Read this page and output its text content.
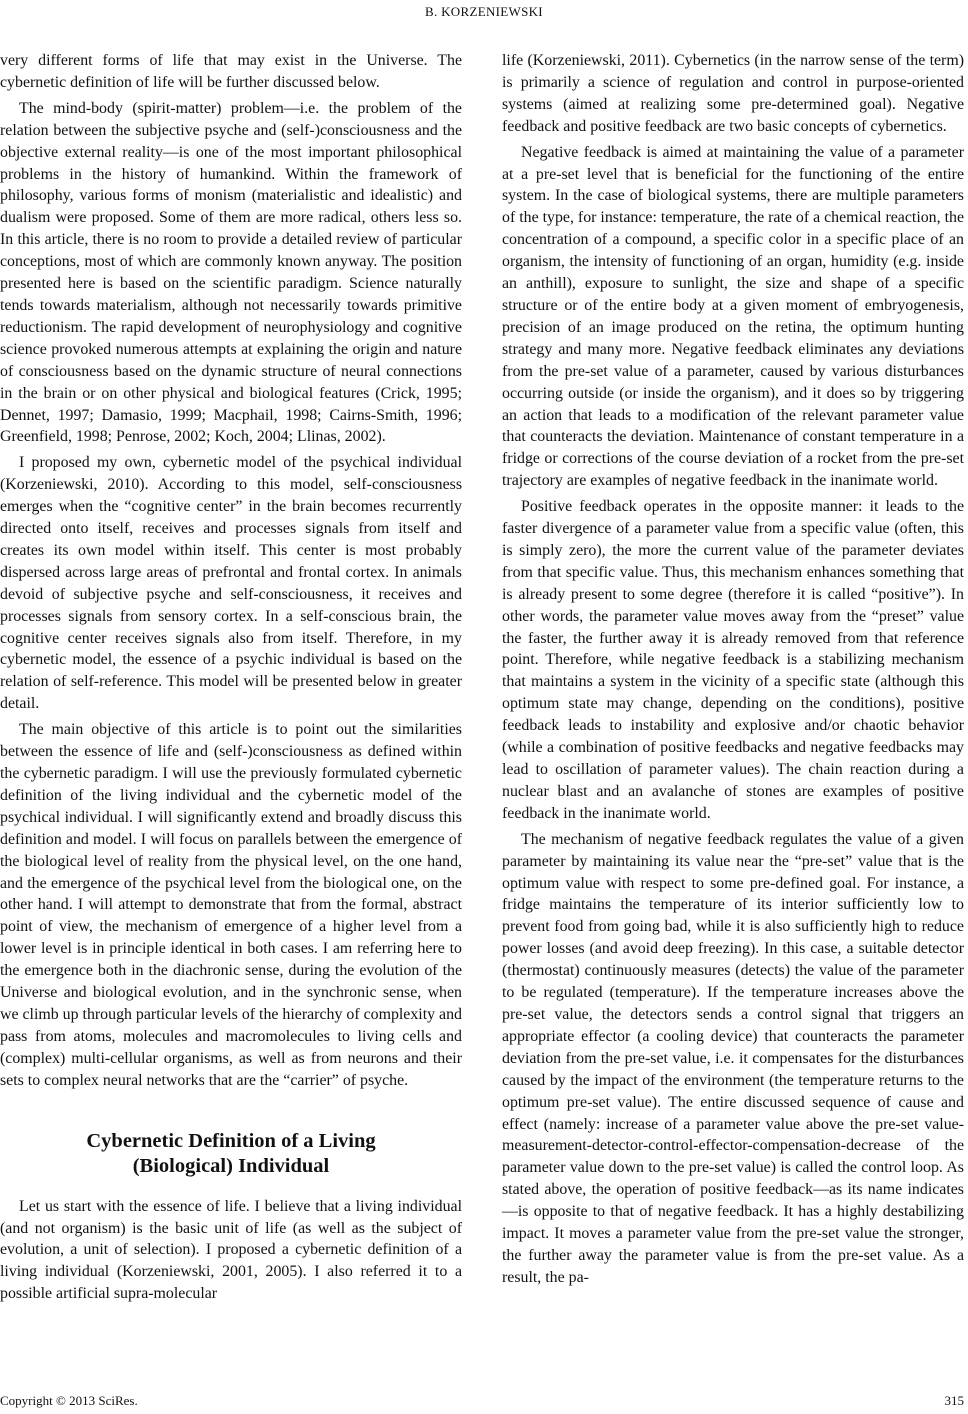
B. KORZENIEWSKI

very different forms of life that may exist in the Universe. The cybernetic definition of life will be further discussed below.

The mind-body (spirit-matter) problem—i.e. the problem of the relation between the subjective psyche and (self-)consciousness and the objective external reality—is one of the most important philosophical problems in the history of humankind. Within the framework of philosophy, various forms of monism (materialistic and idealistic) and dualism were proposed. Some of them are more radical, others less so. In this article, there is no room to provide a detailed review of particular conceptions, most of which are commonly known anyway. The position presented here is based on the scientific paradigm. Science naturally tends towards materialism, although not necessarily towards primitive reductionism. The rapid development of neurophysiology and cognitive science provoked numerous attempts at explaining the origin and nature of consciousness based on the dynamic structure of neural connections in the brain or on other physical and biological features (Crick, 1995; Dennet, 1997; Damasio, 1999; Macphail, 1998; Cairns-Smith, 1996; Greenfield, 1998; Penrose, 2002; Koch, 2004; Llinas, 2002).

I proposed my own, cybernetic model of the psychical individual (Korzeniewski, 2010). According to this model, self-consciousness emerges when the “cognitive center” in the brain becomes recurrently directed onto itself, receives and processes signals from itself and creates its own model within itself. This center is most probably dispersed across large areas of prefrontal and frontal cortex. In animals devoid of subjective psyche and self-consciousness, it receives and processes signals from sensory cortex. In a self-conscious brain, the cognitive center receives signals also from itself. Therefore, in my cybernetic model, the essence of a psychic individual is based on the relation of self-reference. This model will be presented below in greater detail.

The main objective of this article is to point out the similarities between the essence of life and (self-)consciousness as defined within the cybernetic paradigm. I will use the previously formulated cybernetic definition of the living individual and the cybernetic model of the psychical individual. I will significantly extend and broadly discuss this definition and model. I will focus on parallels between the emergence of the biological level of reality from the physical level, on the one hand, and the emergence of the psychical level from the biological one, on the other hand. I will attempt to demonstrate that from the formal, abstract point of view, the mechanism of emergence of a higher level from a lower level is in principle identical in both cases. I am referring here to the emergence both in the diachronic sense, during the evolution of the Universe and biological evolution, and in the synchronic sense, when we climb up through particular levels of the hierarchy of complexity and pass from atoms, molecules and macromolecules to living cells and (complex) multi-cellular organisms, as well as from neurons and their sets to complex neural networks that are the “carrier” of psyche.

Cybernetic Definition of a Living
(Biological) Individual

Let us start with the essence of life. I believe that a living individual (and not organism) is the basic unit of life (as well as the subject of evolution, a unit of selection). I proposed a cybernetic definition of a living individual (Korzeniewski, 2001, 2005). I also referred it to a possible artificial supra-molecular

life (Korzeniewski, 2011). Cybernetics (in the narrow sense of the term) is primarily a science of regulation and control in purpose-oriented systems (aimed at realizing some pre-determined goal). Negative feedback and positive feedback are two basic concepts of cybernetics.

Negative feedback is aimed at maintaining the value of a parameter at a pre-set level that is beneficial for the functioning of the entire system. In the case of biological systems, there are multiple parameters of the type, for instance: temperature, the rate of a chemical reaction, the concentration of a compound, a specific color in a specific place of an organism, the intensity of functioning of an organ, humidity (e.g. inside an anthill), exposure to sunlight, the size and shape of a specific structure or of the entire body at a given moment of embryogenesis, precision of an image produced on the retina, the optimum hunting strategy and many more. Negative feedback eliminates any deviations from the pre-set value of a parameter, caused by various disturbances occurring outside (or inside the organism), and it does so by triggering an action that leads to a modification of the relevant parameter value that counteracts the deviation. Maintenance of constant temperature in a fridge or corrections of the course deviation of a rocket from the pre-set trajectory are examples of negative feedback in the inanimate world.

Positive feedback operates in the opposite manner: it leads to the faster divergence of a parameter value from a specific value (often, this is simply zero), the more the current value of the parameter deviates from that specific value. Thus, this mechanism enhances something that is already present to some degree (therefore it is called “positive”). In other words, the parameter value moves away from the “preset” value the faster, the further away it is already removed from that reference point. Therefore, while negative feedback is a stabilizing mechanism that maintains a system in the vicinity of a specific state (although this optimum state may change, depending on the conditions), positive feedback leads to instability and explosive and/or chaotic behavior (while a combination of positive feedbacks and negative feedbacks may lead to oscillation of parameter values). The chain reaction during a nuclear blast and an avalanche of stones are examples of positive feedback in the inanimate world.

The mechanism of negative feedback regulates the value of a given parameter by maintaining its value near the “pre-set” value that is the optimum value with respect to some pre-defined goal. For instance, a fridge maintains the temperature of its interior sufficiently low to prevent food from going bad, while it is also sufficiently high to reduce power losses (and avoid deep freezing). In this case, a suitable detector (thermostat) continuously measures (detects) the value of the parameter to be regulated (temperature). If the temperature increases above the pre-set value, the detectors sends a control signal that triggers an appropriate effector (a cooling device) that counteracts the parameter deviation from the pre-set value, i.e. it compensates for the disturbances caused by the impact of the environment (the temperature returns to the optimum pre-set value). The entire discussed sequence of cause and effect (namely: increase of a parameter value above the pre-set value-measurement-detector-control-effector-compensation-decrease of the parameter value down to the pre-set value) is called the control loop. As stated above, the operation of positive feedback—as its name indicates—is opposite to that of negative feedback. It has a highly destabilizing impact. It moves a parameter value from the pre-set value the stronger, the further away the parameter value is from the pre-set value. As a result, the pa-

Copyright © 2013 SciRes.	315
